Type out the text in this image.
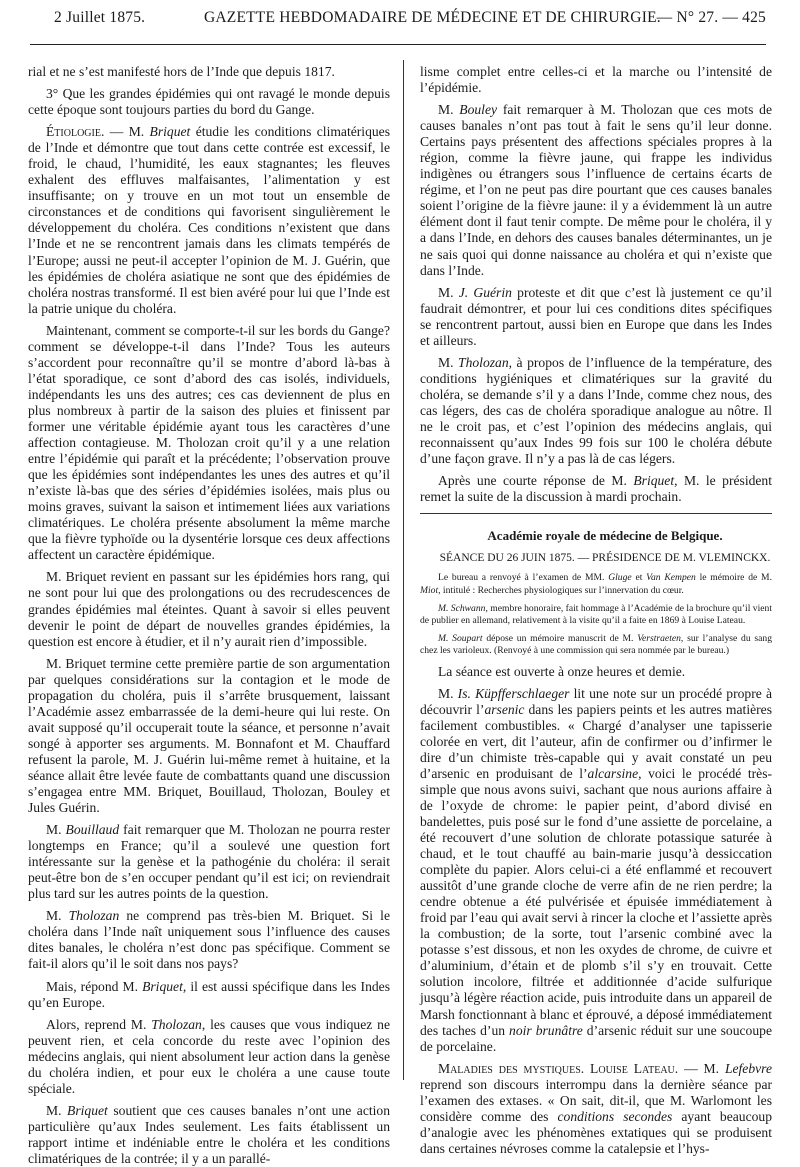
2 Juillet 1875.	GAZETTE HEBDOMADAIRE DE MÉDECINE ET DE CHIRURGIE.
— N° 27. — 425

rial et ne s’est manifesté hors de l’Inde que depuis 1817.

3° Que les grandes épidémies qui ont ravagé le monde depuis cette époque sont toujours parties du bord du Gange.

Étiologie. — M. Briquet étudie les conditions climatériques de l’Inde et démontre que tout dans cette contrée est excessif, le froid, le chaud, l’humidité, les eaux stagnantes; les fleuves exhalent des effluves malfaisantes, l’alimentation y est insuffisante; on y trouve en un mot tout un ensemble de circonstances et de conditions qui favorisent singulièrement le développement du choléra. Ces conditions n’existent que dans l’Inde et ne se rencontrent jamais dans les climats tempérés de l’Europe; aussi ne peut-il accepter l’opinion de M. J. Guérin, que les épidémies de choléra asiatique ne sont que des épidémies de choléra nostras transformé. Il est bien avéré pour lui que l’Inde est la patrie unique du choléra.

Maintenant, comment se comporte-t-il sur les bords du Gange? comment se développe-t-il dans l’Inde? Tous les auteurs s’accordent pour reconnaître qu’il se montre d’abord là-bas à l’état sporadique, ce sont d’abord des cas isolés, individuels, indépendants les uns des autres; ces cas deviennent de plus en plus nombreux à partir de la saison des pluies et finissent par former une véritable épidémie ayant tous les caractères d’une affection contagieuse. M. Tholozan croit qu’il y a une relation entre l’épidémie qui paraît et la précédente; l’observation prouve que les épidémies sont indépendantes les unes des autres et qu’il n’existe là-bas que des séries d’épidémies isolées, mais plus ou moins graves, suivant la saison et intimement liées aux variations climatériques. Le choléra présente absolument la même marche que la fièvre typhoïde ou la dysentérie lorsque ces deux affections affectent un caractère épidémique.

M. Briquet revient en passant sur les épidémies hors rang, qui ne sont pour lui que des prolongations ou des recrudescences de grandes épidémies mal éteintes. Quant à savoir si elles peuvent devenir le point de départ de nouvelles grandes épidémies, la question est encore à étudier, et il n’y aurait rien d’impossible.

M. Briquet termine cette première partie de son argumentation par quelques considérations sur la contagion et le mode de propagation du choléra, puis il s’arrête brusquement, laissant l’Académie assez embarrassée de la demi-heure qui lui reste. On avait supposé qu’il occuperait toute la séance, et personne n’avait songé à apporter ses arguments. M. Bonnafont et M. Chauffard refusent la parole, M. J. Guérin lui-même remet à huitaine, et la séance allait être levée faute de combattants quand une discussion s’engagea entre MM. Briquet, Bouillaud, Tholozan, Bouley et Jules Guérin.

M. Bouillaud fait remarquer que M. Tholozan ne pourra rester longtemps en France; qu’il a soulevé une question fort intéressante sur la genèse et la pathogénie du choléra: il serait peut-être bon de s’en occuper pendant qu’il est ici; on reviendrait plus tard sur les autres points de la question.

M. Tholozan ne comprend pas très-bien M. Briquet. Si le choléra dans l’Inde naît uniquement sous l’influence des causes dites banales, le choléra n’est donc pas spécifique. Comment se fait-il alors qu’il le soit dans nos pays?

Mais, répond M. Briquet, il est aussi spécifique dans les Indes qu’en Europe.

Alors, reprend M. Tholozan, les causes que vous indiquez ne peuvent rien, et cela concorde du reste avec l’opinion des médecins anglais, qui nient absolument leur action dans la genèse du choléra indien, et pour eux le choléra a une cause toute spéciale.

M. Briquet soutient que ces causes banales n’ont une action particulière qu’aux Indes seulement. Les faits établissent un rapport intime et indéniable entre le choléra et les conditions climatériques de la contrée; il y a un parallé-

lisme complet entre celles-ci et la marche ou l’intensité de l’épidémie.

M. Bouley fait remarquer à M. Tholozan que ces mots de causes banales n’ont pas tout à fait le sens qu’il leur donne. Certains pays présentent des affections spéciales propres à la région, comme la fièvre jaune, qui frappe les individus indigènes ou étrangers sous l’influence de certains écarts de régime, et l’on ne peut pas dire pourtant que ces causes banales soient l’origine de la fièvre jaune: il y a évidemment là un autre élément dont il faut tenir compte. De même pour le choléra, il y a dans l’Inde, en dehors des causes banales déterminantes, un je ne sais quoi qui donne naissance au choléra et qui n’existe que dans l’Inde.

M. J. Guérin proteste et dit que c’est là justement ce qu’il faudrait démontrer, et pour lui ces conditions dites spécifiques se rencontrent partout, aussi bien en Europe que dans les Indes et ailleurs.

M. Tholozan, à propos de l’influence de la température, des conditions hygiéniques et climatériques sur la gravité du choléra, se demande s’il y a dans l’Inde, comme chez nous, des cas légers, des cas de choléra sporadique analogue au nôtre. Il ne le croit pas, et c’est l’opinion des médecins anglais, qui reconnaissent qu’aux Indes 99 fois sur 100 le choléra débute d’une façon grave. Il n’y a pas là de cas légers.

Après une courte réponse de M. Briquet, M. le président remet la suite de la discussion à mardi prochain.

Académie royale de médecine de Belgique.

SÉANCE DU 26 JUIN 1875. — PRÉSIDENCE DE M. VLEMINCKX.

Le bureau a renvoyé à l’examen de MM. Gluge et Van Kempen le mémoire de M. Miot, intitulé : Recherches physiologiques sur l’innervation du cœur.

M. Schwann, membre honoraire, fait hommage à l’Académie de la brochure qu’il vient de publier en allemand, relativement à la visite qu’il a faite en 1869 à Louise Lateau.

M. Soupart dépose un mémoire manuscrit de M. Verstraeten, sur l’analyse du sang chez les varioleux. (Renvoyé à une commission qui sera nommée par le bureau.)

La séance est ouverte à onze heures et demie.

M. Is. Küpfferschlaeger lit une note sur un procédé propre à découvrir l’arsenic dans les papiers peints et les autres matières facilement combustibles. « Chargé d’analyser une tapisserie colorée en vert, dit l’auteur, afin de confirmer ou d’infirmer le dire d’un chimiste très-capable qui y avait constaté un peu d’arsenic en produisant de l’alcarsine, voici le procédé très-simple que nous avons suivi, sachant que nous aurions affaire à de l’oxyde de chrome: le papier peint, d’abord divisé en bandelettes, puis posé sur le fond d’une assiette de porcelaine, a été recouvert d’une solution de chlorate potassique saturée à chaud, et le tout chauffé au bain-marie jusqu’à dessiccation complète du papier. Alors celui-ci a été enflammé et recouvert aussitôt d’une grande cloche de verre afin de ne rien perdre; la cendre obtenue a été pulvérisée et épuisée immédiatement à froid par l’eau qui avait servi à rincer la cloche et l’assiette après la combustion; de la sorte, tout l’arsenic combiné avec la potasse s’est dissous, et non les oxydes de chrome, de cuivre et d’aluminium, d’étain et de plomb s’il s’y en trouvait. Cette solution incolore, filtrée et additionnée d’acide sulfurique jusqu’à légère réaction acide, puis introduite dans un appareil de Marsh fonctionnant à blanc et éprouvé, a déposé immédiatement des taches d’un noir brunâtre d’arsenic réduit sur une soucoupe de porcelaine.

Maladies des mystiques. Louise Lateau. — M. Lefebvre reprend son discours interrompu dans la dernière séance par l’examen des extases. « On sait, dit-il, que M. Warlomont les considère comme des conditions secondes ayant beaucoup d’analogie avec les phénomènes extatiques qui se produisent dans certaines névroses comme la catalepsie et l’hys-
